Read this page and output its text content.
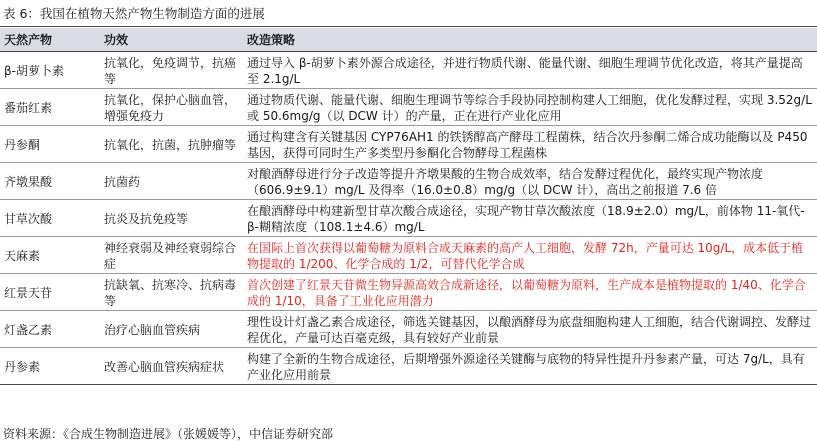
表 6：我国在植物天然产物生物制造方面的进展
天然产物	功效	改造策略
β-胡萝卜素	抗氧化，免疫调节，抗癌等	通过导入 β-胡萝卜素外源合成途径，并进行物质代谢、能量代谢、细胞生理调节优化改造，将其产量提高至 2.1g/L
番茄红素	抗氧化，保护心脑血管，增强免疫力	通过物质代谢、能量代谢、细胞生理调节等综合手段协同控制构建人工细胞，优化发酵过程，实现 3.52g/L 或 50.6mg/g（以 DCW 计）的产量，正在进行产业化应用
丹参酮	抗氧化，抗菌，抗肿瘤等	通过构建含有关键基因 CYP76AH1 的铁锈醇高产酵母工程菌株，结合次丹参酮二烯合成功能酶以及 P450 基因，获得可同时生产多类型丹参酮化合物酵母工程菌株
齐墩果酸	抗菌药	对酿酒酵母进行分子改造等提升齐墩果酸的生物合成效率，结合发酵过程优化，最终实现产物浓度（606.9±9.1）mg/L 及得率（16.0±0.8）mg/g（以 DCW 计），高出之前报道 7.6 倍
甘草次酸	抗炎及抗免疫等	在酿酒酵母中构建新型甘草次酸合成途径，实现产物甘草次酸浓度（18.9±2.0）mg/L，前体物 11-氧代-β-糊精浓度（108.1±4.6）mg/L
天麻素	神经衰弱及神经衰弱综合症	在国际上首次获得以葡萄糖为原料合成天麻素的高产人工细胞，发酵 72h，产量可达 10g/L，成本低于植物提取的 1/200、化学合成的 1/2，可替代化学合成
红景天苷	抗缺氧、抗寒冷、抗病毒等	首次创建了红景天苷微生物异源高效合成新途径，以葡萄糖为原料，生产成本是植物提取的 1/40、化学合成的 1/10，具备了工业化应用潜力
灯盏乙素	治疗心脑血管疾病	理性设计灯盏乙素合成途径，筛选关键基因，以酿酒酵母为底盘细胞构建人工细胞，结合代谢调控、发酵过程优化，产量可达百毫克级，具有较好产业前景
丹参素	改善心脑血管疾病症状	构建了全新的生物合成途径，后期增强外源途径关键酶与底物的特异性提升丹参素产量，可达 7g/L，具有产业化应用前景
资料来源：《合成生物制造进展》（张媛媛等），中信证券研究部
